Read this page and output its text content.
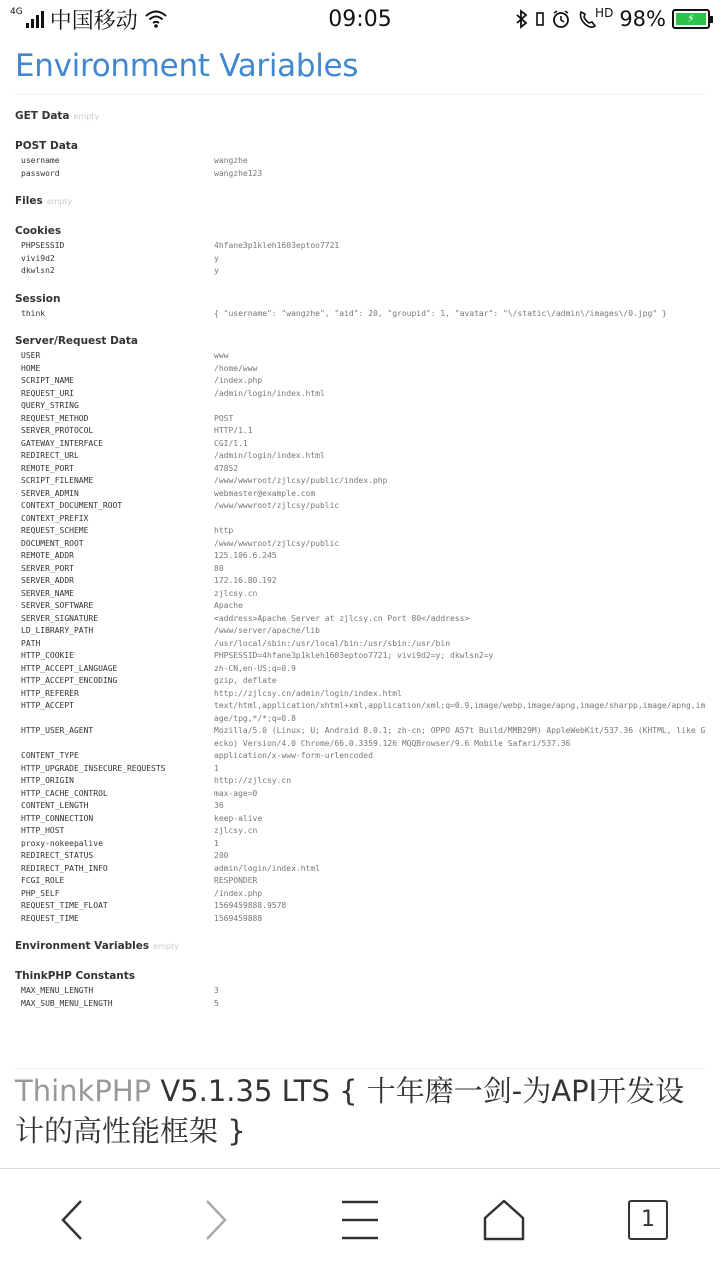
4G 中国移动	09:05	HD 98%	⚡
Environment Variables
GET Data empty
POST Data
username	wangzhe
password	wangzhe123
Files empty
Cookies
PHPSESSID	4hfane3p1kleh1603eptoo7721
vivi9d2	y
dkwlsn2	y
Session
think	{ "username": "wangzhe", "aid": 20, "groupid": 1, "avatar": "\/static\/admin\/images\/0.jpg" }
Server/Request Data
USER	www
HOME	/home/www
SCRIPT_NAME	/index.php
REQUEST_URI	/admin/login/index.html
QUERY_STRING
REQUEST_METHOD	POST
SERVER_PROTOCOL	HTTP/1.1
GATEWAY_INTERFACE	CGI/1.1
REDIRECT_URL	/admin/login/index.html
REMOTE_PORT	47852
SCRIPT_FILENAME	/www/wwwroot/zjlcsy/public/index.php
SERVER_ADMIN	webmaster@example.com
CONTEXT_DOCUMENT_ROOT	/www/wwwroot/zjlcsy/public
CONTEXT_PREFIX
REQUEST_SCHEME	http
DOCUMENT_ROOT	/www/wwwroot/zjlcsy/public
REMOTE_ADDR	125.106.6.245
SERVER_PORT	80
SERVER_ADDR	172.16.80.192
SERVER_NAME	zjlcsy.cn
SERVER_SOFTWARE	Apache
SERVER_SIGNATURE	<address>Apache Server at zjlcsy.cn Port 80</address>
LD_LIBRARY_PATH	/www/server/apache/lib
PATH	/usr/local/sbin:/usr/local/bin:/usr/sbin:/usr/bin
HTTP_COOKIE	PHPSESSID=4hfane3p1kleh1603eptoo7721; vivi9d2=y; dkwlsn2=y
HTTP_ACCEPT_LANGUAGE	zh-CN,en-US;q=0.9
HTTP_ACCEPT_ENCODING	gzip, deflate
HTTP_REFERER	http://zjlcsy.cn/admin/login/index.html
HTTP_ACCEPT	text/html,application/xhtml+xml,application/xml;q=0.9,image/webp,image/apng,image/sharpp,image/apng,image/tpg,*/*;q=0.8
HTTP_USER_AGENT	Mozilla/5.0 (Linux; U; Android 8.0.1; zh-cn; OPPO A57t Build/MMB29M) AppleWebKit/537.36 (KHTML, like Gecko) Version/4.0 Chrome/66.0.3359.126 MQQBrowser/9.6 Mobile Safari/537.36
CONTENT_TYPE	application/x-www-form-urlencoded
HTTP_UPGRADE_INSECURE_REQUESTS	1
HTTP_ORIGIN	http://zjlcsy.cn
HTTP_CACHE_CONTROL	max-age=0
CONTENT_LENGTH	36
HTTP_CONNECTION	keep-alive
HTTP_HOST	zjlcsy.cn
proxy-nokeepalive	1
REDIRECT_STATUS	200
REDIRECT_PATH_INFO	admin/login/index.html
FCGI_ROLE	RESPONDER
PHP_SELF	/index.php
REQUEST_TIME_FLOAT	1569459888.9578
REQUEST_TIME	1569459888
Environment Variables empty
ThinkPHP Constants
MAX_MENU_LENGTH	3
MAX_SUB_MENU_LENGTH	5
ThinkPHP V5.1.35 LTS { 十年磨一剑-为API开发设计的高性能框架 }
1
